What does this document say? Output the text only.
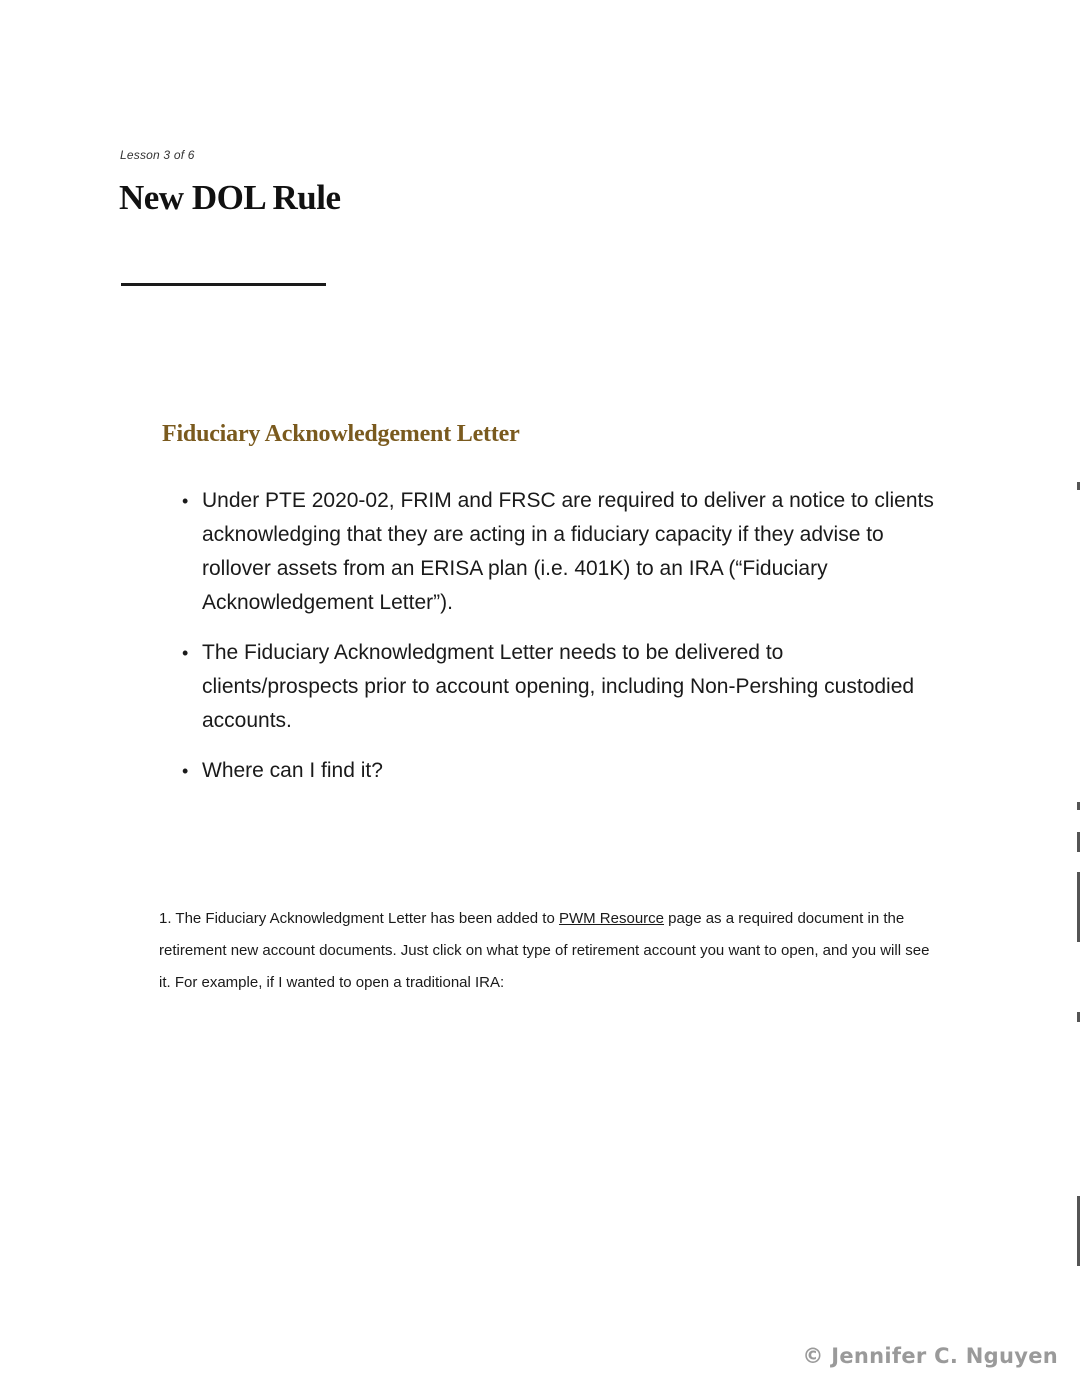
Lesson 3 of 6
New DOL Rule
Fiduciary Acknowledgement Letter
• Under PTE 2020-02, FRIM and FRSC are required to deliver a notice to clients acknowledging that they are acting in a fiduciary capacity if they advise to rollover assets from an ERISA plan (i.e. 401K) to an IRA (“Fiduciary Acknowledgement Letter”).
• The Fiduciary Acknowledgment Letter needs to be delivered to clients/prospects prior to account opening, including Non-Pershing custodied accounts.
• Where can I find it?

1. The Fiduciary Acknowledgment Letter has been added to PWM Resource page as a required document in the retirement new account documents. Just click on what type of retirement account you want to open, and you will see it. For example, if I wanted to open a traditional IRA:

© Jennifer C. Nguyen
